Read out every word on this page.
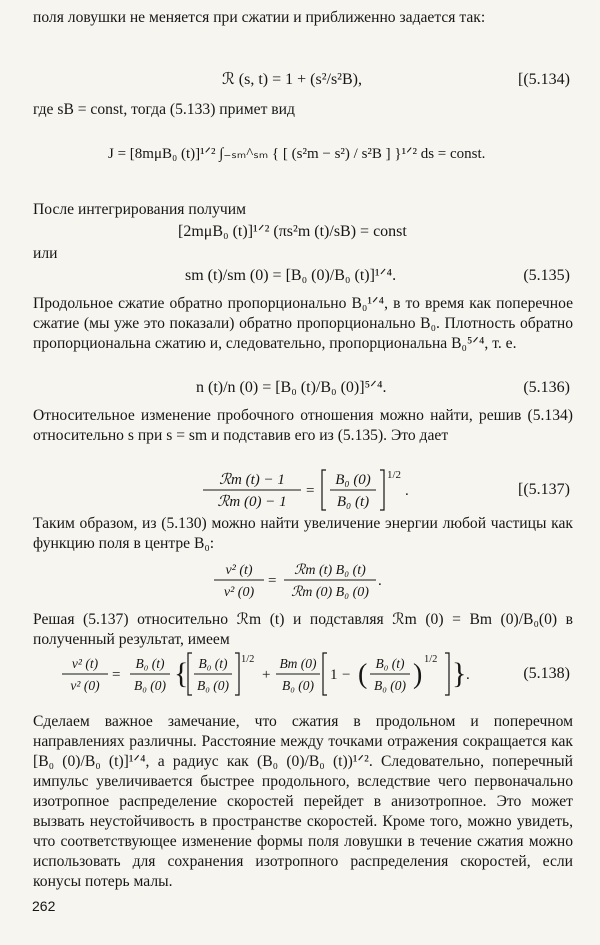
поля ловушки не меняется при сжатии и приближенно задается так:
ℛ (s, t) = 1 + (s²/s²B),	[(5.134)
где sB = const, тогда (5.133) примет вид
J = [8mμB₀ (t)]¹ᐟ² ∫₋ₛₘ^ₛₘ { [ (s²m − s²) / s²B ] }¹ᐟ² ds = const.
После интегрирования получим
[2mμB₀ (t)]¹ᐟ² (πs²m (t)/sB) = const
или
sm (t)/sm (0) = [B₀ (0)/B₀ (t)]¹ᐟ⁴.	(5.135)
Продольное сжатие обратно пропорционально B₀¹ᐟ⁴, в то время как поперечное сжатие (мы уже это показали) обратно пропорционально B₀. Плотность обратно пропорциональна сжатию и, следовательно, пропорциональна B₀⁵ᐟ⁴, т. е.
n (t)/n (0) = [B₀ (t)/B₀ (0)]⁵ᐟ⁴.	(5.136)
Относительное изменение пробочного отношения можно найти, решив (5.134) относительно s при s = sm и подставив его из (5.135). Это дает
ℛm (t) − 1
ℛm (0) − 1
=
B₀ (0)
B₀ (t)
1/2
.	[(5.137)
Таким образом, из (5.130) можно найти увеличение энергии любой частицы как функцию поля в центре B₀:
v² (t)
v² (0)
=
ℛm (t) B₀ (t)
ℛm (0) B₀ (0)
.
Решая (5.137) относительно ℛm (t) и подставляя ℛm (0) = Bm (0)/B₀(0) в полученный результат, имеем
v² (t)
v² (0)
=
B₀ (t)
B₀ (0) { B₀ (t)
B₀ (0)
1/2
+
Bm (0)
B₀ (0)
1 − ( B₀ (t)
B₀ (0) ) 1/2 } .	(5.138)
Сделаем важное замечание, что сжатия в продольном и поперечном направлениях различны. Расстояние между точками отражения сокращается как [B₀ (0)/B₀ (t)]¹ᐟ⁴, а радиус как (B₀ (0)/B₀ (t))¹ᐟ². Следовательно, поперечный импульс увеличивается быстрее продольного, вследствие чего первоначально изотропное распределение скоростей перейдет в анизотропное. Это может вызвать неустойчивость в пространстве скоростей. Кроме того, можно увидеть, что соответствующее изменение формы поля ловушки в течение сжатия можно использовать для сохранения изотропного распределения скоростей, если конусы потерь малы.
262
